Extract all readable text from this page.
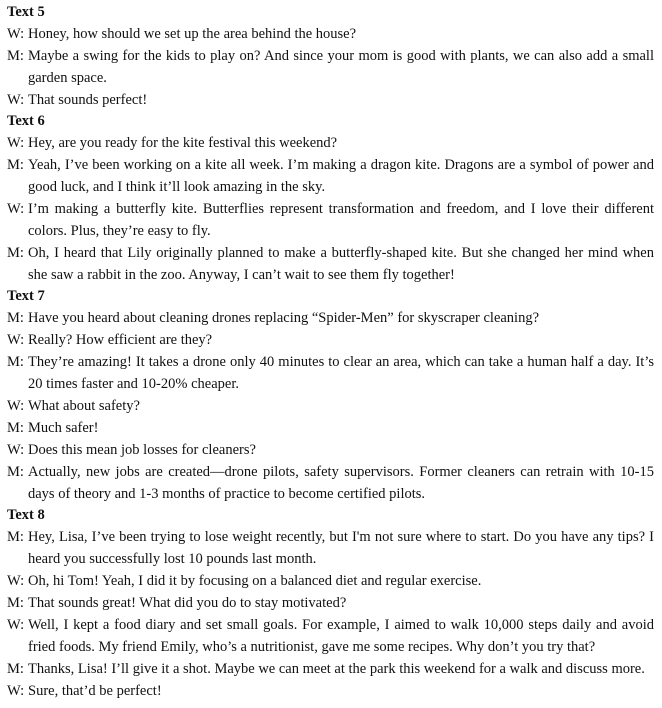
Text 5
W: Honey, how should we set up the area behind the house?
M: Maybe a swing for the kids to play on? And since your mom is good with plants, we can also add a small garden space.
W: That sounds perfect!
Text 6
W: Hey, are you ready for the kite festival this weekend?
M: Yeah, I’ve been working on a kite all week. I’m making a dragon kite. Dragons are a symbol of power and good luck, and I think it’ll look amazing in the sky.
W: I’m making a butterfly kite. Butterflies represent transformation and freedom, and I love their different colors. Plus, they’re easy to fly.
M: Oh, I heard that Lily originally planned to make a butterfly-shaped kite. But she changed her mind when she saw a rabbit in the zoo. Anyway, I can’t wait to see them fly together!
Text 7
M: Have you heard about cleaning drones replacing “Spider-Men” for skyscraper cleaning?
W: Really? How efficient are they?
M: They’re amazing! It takes a drone only 40 minutes to clear an area, which can take a human half a day. It’s 20 times faster and 10-20% cheaper.
W: What about safety?
M: Much safer!
W: Does this mean job losses for cleaners?
M: Actually, new jobs are created—drone pilots, safety supervisors. Former cleaners can retrain with 10-15 days of theory and 1-3 months of practice to become certified pilots.
Text 8
M: Hey, Lisa, I’ve been trying to lose weight recently, but I'm not sure where to start. Do you have any tips? I heard you successfully lost 10 pounds last month.
W: Oh, hi Tom! Yeah, I did it by focusing on a balanced diet and regular exercise.
M: That sounds great! What did you do to stay motivated?
W: Well, I kept a food diary and set small goals. For example, I aimed to walk 10,000 steps daily and avoid fried foods. My friend Emily, who’s a nutritionist, gave me some recipes. Why don’t you try that?
M: Thanks, Lisa! I’ll give it a shot. Maybe we can meet at the park this weekend for a walk and discuss more.
W: Sure, that’d be perfect!
